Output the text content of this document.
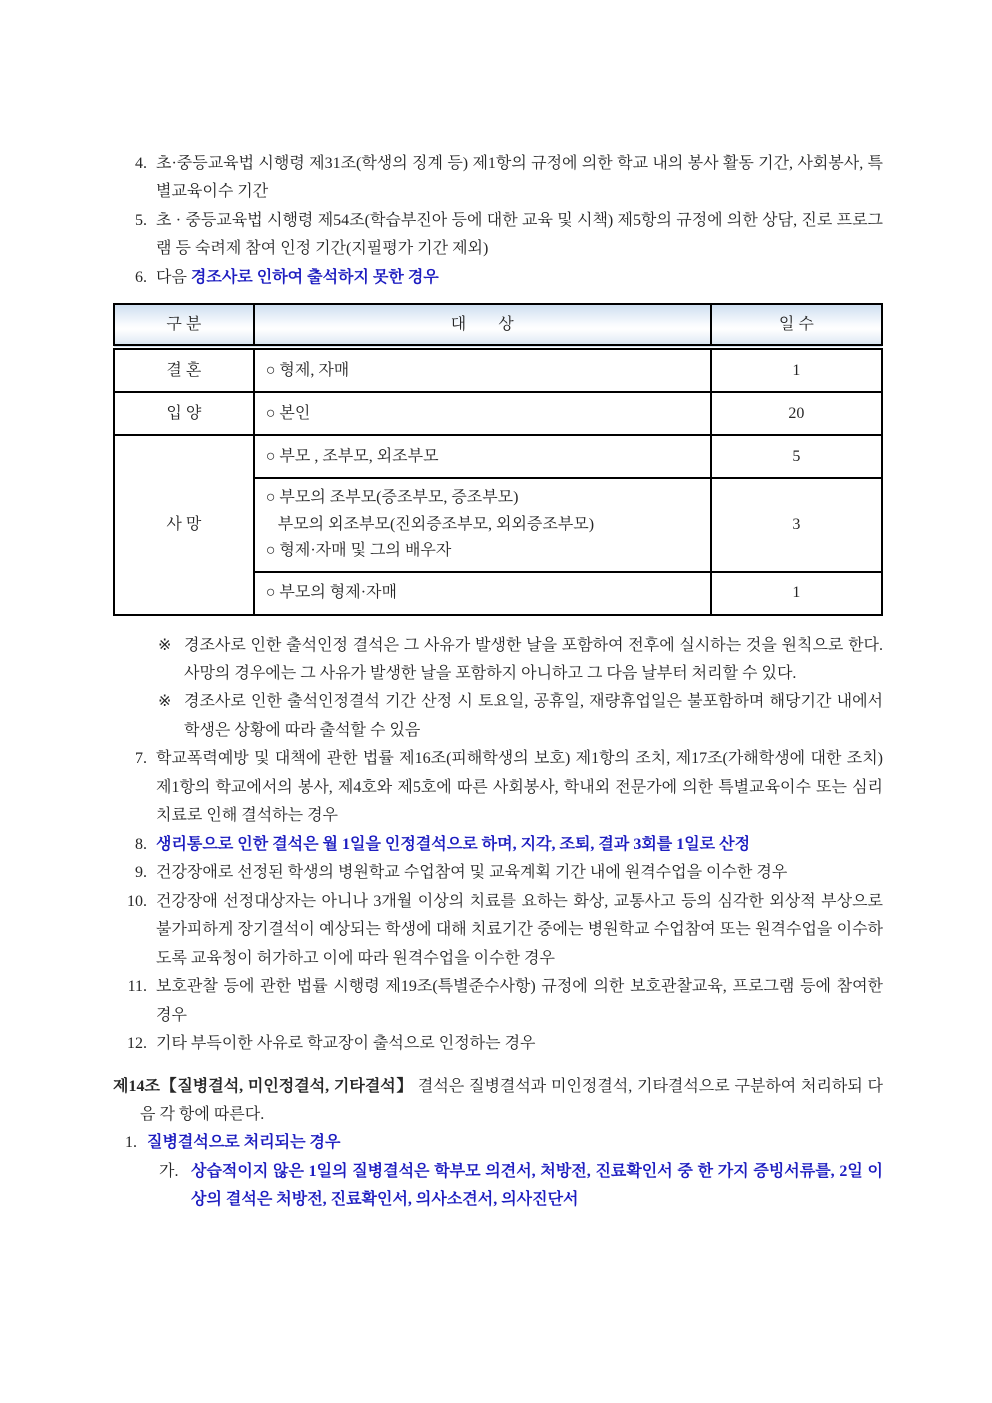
4. 초·중등교육법 시행령 제31조(학생의 징계 등) 제1항의 규정에 의한 학교 내의 봉사 활동 기간, 사회봉사, 특별교육이수 기간
5. 초 · 중등교육법 시행령 제54조(학습부진아 등에 대한 교육 및 시책) 제5항의 규정에 의한 상담, 진로 프로그램 등 숙려제 참여 인정 기간(지필평가 기간 제외)
6. 다음 경조사로 인하여 출석하지 못한 경우
구 분	대        상	일 수
결 혼	○ 형제, 자매	1
입 양	○ 본인	20
사 망	○ 부모 , 조부모, 외조부모	5

	○ 부모의 조부모(증조부모, 증조부모)
부모의 외조부모(진외증조부모, 외외증조부모)
○ 형제·자매 및 그의 배우자	3

	○ 부모의 형제·자매	1
※ 경조사로 인한 출석인정 결석은 그 사유가 발생한 날을 포함하여 전후에 실시하는 것을 원칙으로 한다. 사망의 경우에는 그 사유가 발생한 날을 포함하지 아니하고 그 다음 날부터 처리할 수 있다.
※ 경조사로 인한 출석인정결석 기간 산정 시 토요일, 공휴일, 재량휴업일은 불포함하며 해당기간 내에서 학생은 상황에 따라 출석할 수 있음
7. 학교폭력예방 및 대책에 관한 법률 제16조(피해학생의 보호) 제1항의 조치, 제17조(가해학생에 대한 조치) 제1항의 학교에서의 봉사, 제4호와 제5호에 따른 사회봉사, 학내외 전문가에 의한 특별교육이수 또는 심리치료로 인해 결석하는 경우
8. 생리통으로 인한 결석은 월 1일을 인정결석으로 하며, 지각, 조퇴, 결과 3회를 1일로 산정
9. 건강장애로 선정된 학생의 병원학교 수업참여 및 교육계획 기간 내에 원격수업을 이수한 경우
10. 건강장애 선정대상자는 아니나 3개월 이상의 치료를 요하는 화상, 교통사고 등의 심각한 외상적 부상으로 불가피하게 장기결석이 예상되는 학생에 대해 치료기간 중에는 병원학교 수업참여 또는 원격수업을 이수하도록 교육청이 허가하고 이에 따라 원격수업을 이수한 경우
11. 보호관찰 등에 관한 법률 시행령 제19조(특별준수사항) 규정에 의한 보호관찰교육, 프로그램 등에 참여한 경우
12. 기타 부득이한 사유로 학교장이 출석으로 인정하는 경우
제14조【질병결석, 미인정결석, 기타결석】 결석은 질병결석과 미인정결석, 기타결석으로 구분하여 처리하되 다음 각 항에 따른다.
1. 질병결석으로 처리되는 경우
가. 상습적이지 않은 1일의 질병결석은 학부모 의견서, 처방전, 진료확인서 중 한 가지 증빙서류를, 2일 이상의 결석은 처방전, 진료확인서, 의사소견서, 의사진단서
